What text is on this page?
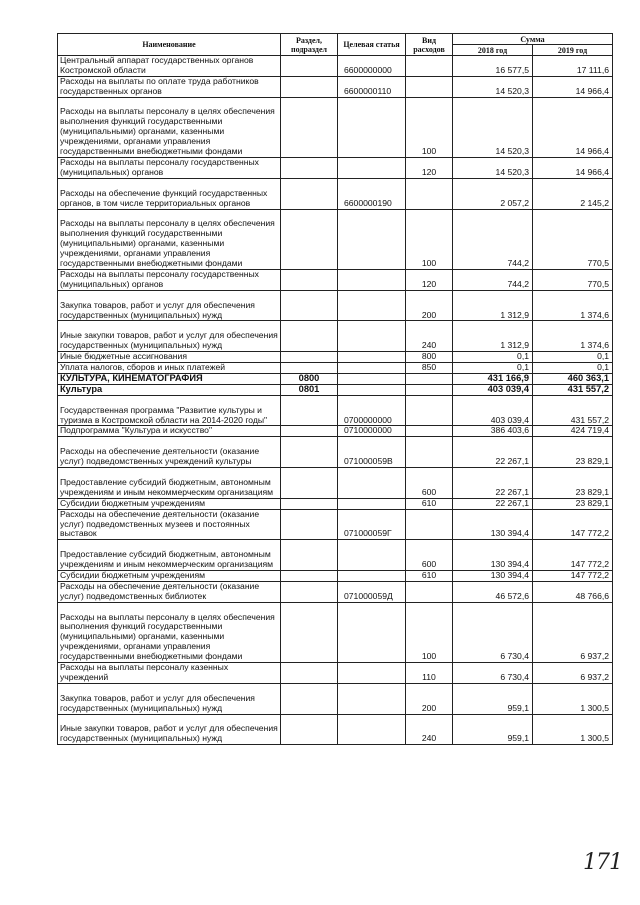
Наименование	Раздел, подраздел	Целевая статья	Вид расходов	Сумма	
				2018 год	2019 год
Центральный аппарат государственных органов Костромской области		6600000000		16 577,5	17 111,6
Расходы на выплаты по оплате труда работников государственных органов		6600000110		14 520,3	14 966,4
Расходы на выплаты персоналу в целях обеспечения выполнения функций государственными (муниципальными) органами, казенными учреждениями, органами управления государственными внебюджетными фондами			100	14 520,3	14 966,4
Расходы на выплаты персоналу государственных (муниципальных) органов			120	14 520,3	14 966,4
Расходы на обеспечение функций государственных органов, в том числе территориальных органов		6600000190		2 057,2	2 145,2
Расходы на выплаты персоналу в целях обеспечения выполнения функций государственными (муниципальными) органами, казенными учреждениями, органами управления государственными внебюджетными фондами			100	744,2	770,5
Расходы на выплаты персоналу государственных (муниципальных) органов			120	744,2	770,5
Закупка товаров, работ и услуг для обеспечения государственных (муниципальных) нужд			200	1 312,9	1 374,6
Иные закупки товаров, работ и услуг для обеспечения государственных (муниципальных) нужд			240	1 312,9	1 374,6
Иные бюджетные ассигнования			800	0,1	0,1
Уплата налогов, сборов и иных платежей			850	0,1	0,1
КУЛЬТУРА, КИНЕМАТОГРАФИЯ	0800			431 166,9	460 363,1
Культура	0801			403 039,4	431 557,2
Государственная программа "Развитие культуры и туризма в Костромской области на 2014-2020 годы"		0700000000		403 039,4	431 557,2
Подпрограмма "Культура и искусство"		0710000000		386 403,6	424 719,4
Расходы на обеспечение деятельности (оказание услуг) подведомственных учреждений культуры		071000059В		22 267,1	23 829,1
Предоставление субсидий бюджетным, автономным учреждениям и иным некоммерческим организациям			600	22 267,1	23 829,1
Субсидии бюджетным учреждениям			610	22 267,1	23 829,1
Расходы на обеспечение деятельности (оказание услуг) подведомственных музеев и постоянных выставок		071000059Г		130 394,4	147 772,2
Предоставление субсидий бюджетным, автономным учреждениям и иным некоммерческим организациям			600	130 394,4	147 772,2
Субсидии бюджетным учреждениям			610	130 394,4	147 772,2
Расходы на обеспечение деятельности (оказание услуг) подведомственных библиотек		071000059Д		46 572,6	48 766,6
Расходы на выплаты персоналу в целях обеспечения выполнения функций государственными (муниципальными) органами, казенными учреждениями, органами управления государственными внебюджетными фондами			100	6 730,4	6 937,2
Расходы на выплаты персоналу казенных учреждений			110	6 730,4	6 937,2
Закупка товаров, работ и услуг для обеспечения государственных (муниципальных) нужд			200	959,1	1 300,5
Иные закупки товаров, работ и услуг для обеспечения государственных (муниципальных) нужд			240	959,1	1 300,5
171
